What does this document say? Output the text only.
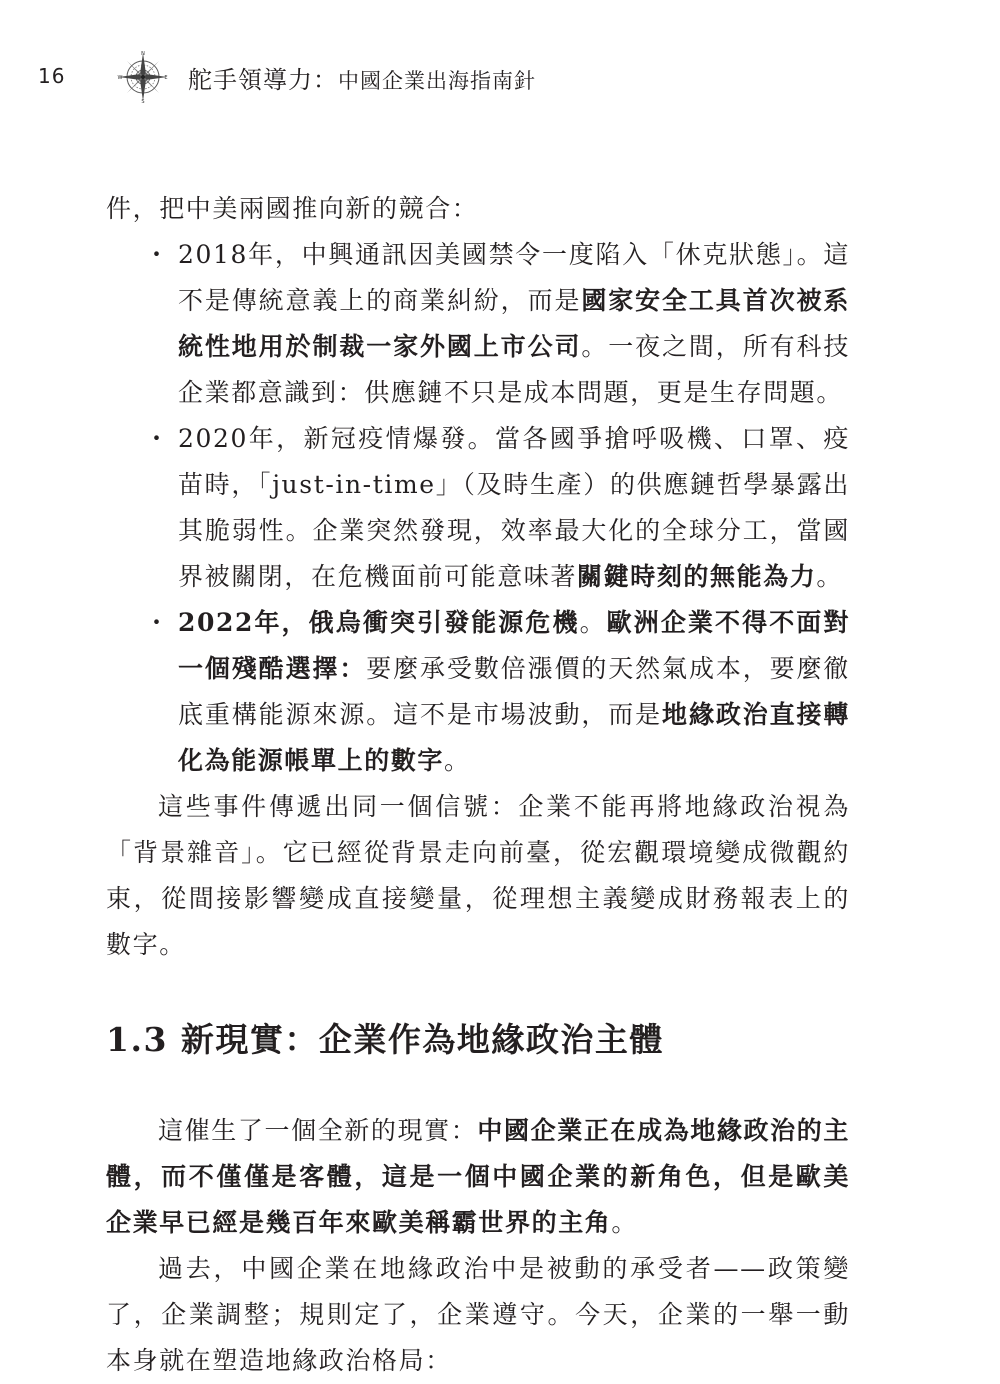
16
N
S
W	E 舵手領導力：中國企業出海指南針

件，把中美兩國推向新的競合：

・ 2018年，中興通訊因美國禁令一度陷入「休克狀態」。這不是傳統意義上的商業糾紛，而是國家安全工具首次被系統性地用於制裁一家外國上市公司。一夜之間，所有科技企業都意識到：供應鏈不只是成本問題，更是生存問題。
・ 2020年，新冠疫情爆發。當各國爭搶呼吸機、口罩、疫苗時，「just-in-time」（及時生產）的供應鏈哲學暴露出其脆弱性。企業突然發現，效率最大化的全球分工，當國界被關閉，在危機面前可能意味著關鍵時刻的無能為力。
・ 2022年，俄烏衝突引發能源危機。歐洲企業不得不面對一個殘酷選擇：要麼承受數倍漲價的天然氣成本，要麼徹底重構能源來源。這不是市場波動，而是地緣政治直接轉化為能源帳單上的數字。

這些事件傳遞出同一個信號：企業不能再將地緣政治視為「背景雜音」。它已經從背景走向前臺，從宏觀環境變成微觀約束，從間接影響變成直接變量，從理想主義變成財務報表上的數字。

1.3 新現實：企業作為地緣政治主體

這催生了一個全新的現實：中國企業正在成為地緣政治的主體，而不僅僅是客體，這是一個中國企業的新角色，但是歐美企業早已經是幾百年來歐美稱霸世界的主角。

過去，中國企業在地緣政治中是被動的承受者——政策變了，企業調整；規則定了，企業遵守。今天，企業的一舉一動本身就在塑造地緣政治格局：
